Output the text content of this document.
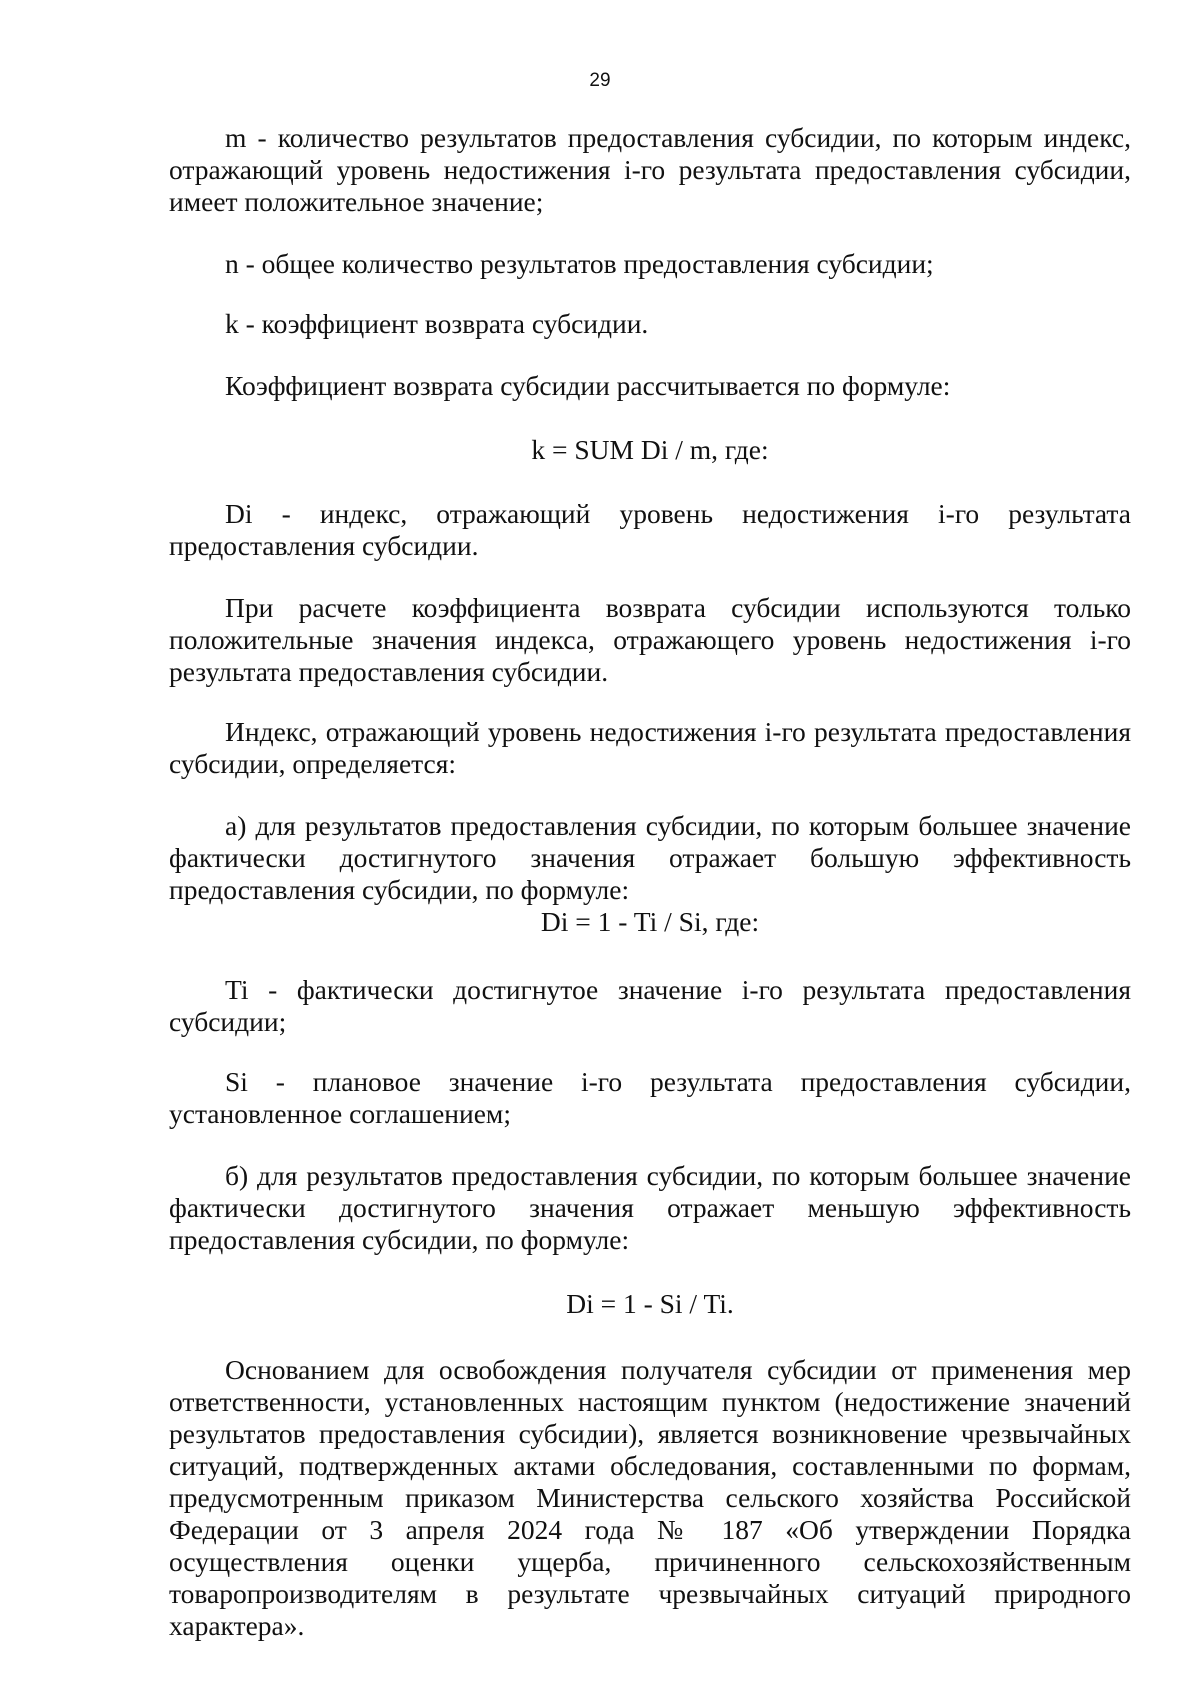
29

m - количество результатов предоставления субсидии, по которым индекс, отражающий уровень недостижения i-го результата предоставления субсидии, имеет положительное значение;

n - общее количество результатов предоставления субсидии;

k - коэффициент возврата субсидии.

Коэффициент возврата субсидии рассчитывается по формуле:

k = SUM Di / m, где:

Di - индекс, отражающий уровень недостижения i-го результата предоставления субсидии.

При расчете коэффициента возврата субсидии используются только положительные значения индекса, отражающего уровень недостижения i-го результата предоставления субсидии.

Индекс, отражающий уровень недостижения i-го результата предоставления субсидии, определяется:

а) для результатов предоставления субсидии, по которым большее значение фактически достигнутого значения отражает большую эффективность предоставления субсидии, по формуле:

Di = 1 - Ti / Si, где:

Ti - фактически достигнутое значение i-го результата предоставления субсидии;

Si - плановое значение i-го результата предоставления субсидии, установленное соглашением;

б) для результатов предоставления субсидии, по которым большее значение фактически достигнутого значения отражает меньшую эффективность предоставления субсидии, по формуле:

Di = 1 - Si / Ti.

Основанием для освобождения получателя субсидии от применения мер ответственности, установленных настоящим пунктом (недостижение значений результатов предоставления субсидии), является возникновение чрезвычайных ситуаций, подтвержденных актами обследования, составленными по формам, предусмотренным приказом Министерства сельского хозяйства Российской Федерации от 3 апреля 2024 года № 187 «Об утверждении Порядка осуществления оценки ущерба, причиненного сельскохозяйственным товаропроизводителям в результате чрезвычайных ситуаций природного характера».
